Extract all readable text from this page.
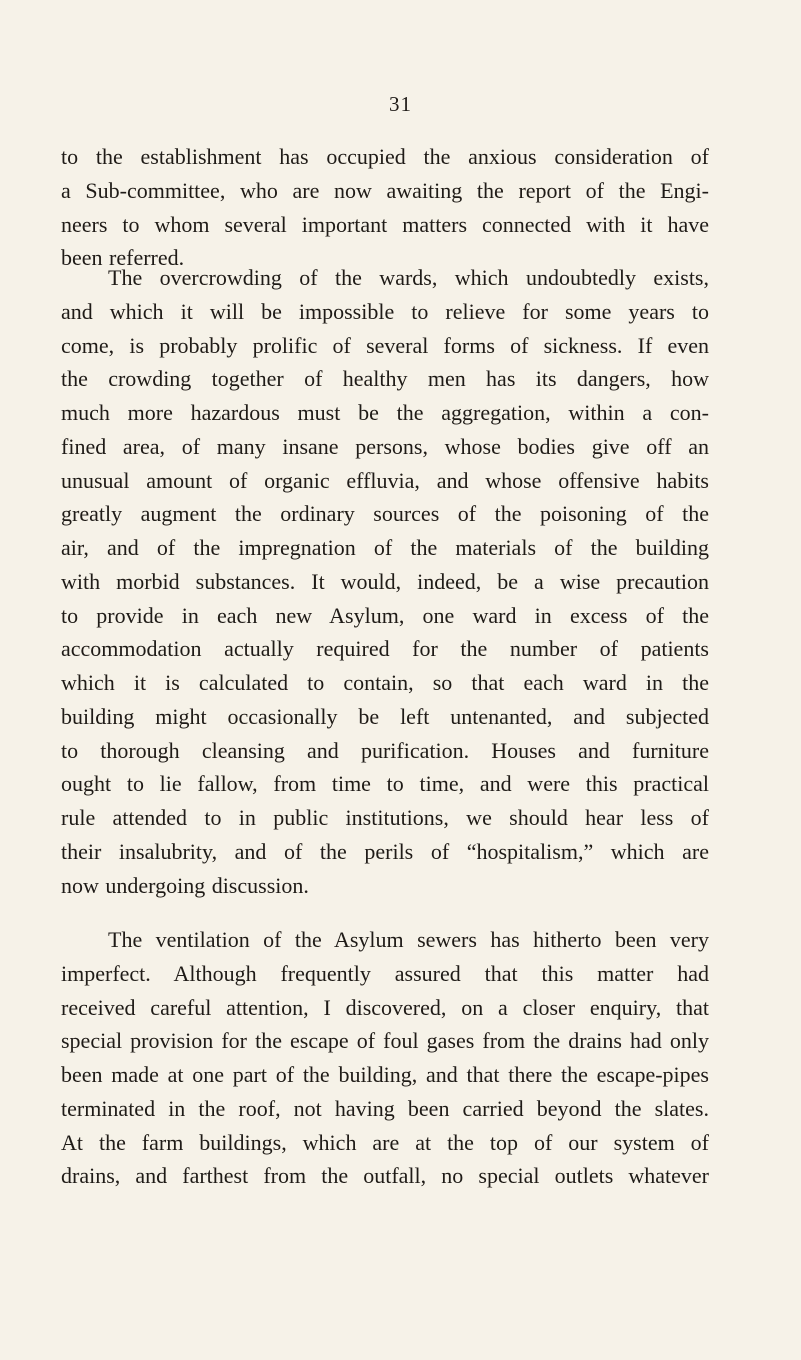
31
to the establishment has occupied the anxious consideration of
a Sub-committee, who are now awaiting the report of the Engi-
neers to whom several important matters connected with it have
been referred.
The overcrowding of the wards, which undoubtedly exists,
and which it will be impossible to relieve for some years to
come, is probably prolific of several forms of sickness. If even
the crowding together of healthy men has its dangers, how
much more hazardous must be the aggregation, within a con-
fined area, of many insane persons, whose bodies give off an
unusual amount of organic effluvia, and whose offensive habits
greatly augment the ordinary sources of the poisoning of the
air, and of the impregnation of the materials of the building
with morbid substances. It would, indeed, be a wise precaution
to provide in each new Asylum, one ward in excess of the
accommodation actually required for the number of patients
which it is calculated to contain, so that each ward in the
building might occasionally be left untenanted, and subjected
to thorough cleansing and purification. Houses and furniture
ought to lie fallow, from time to time, and were this practical
rule attended to in public institutions, we should hear less of
their insalubrity, and of the perils of “hospitalism,” which are
now undergoing discussion.
The ventilation of the Asylum sewers has hitherto been very
imperfect. Although frequently assured that this matter had
received careful attention, I discovered, on a closer enquiry, that
special provision for the escape of foul gases from the drains had only
been made at one part of the building, and that there the escape-pipes
terminated in the roof, not having been carried beyond the slates.
At the farm buildings, which are at the top of our system of
drains, and farthest from the outfall, no special outlets whatever
